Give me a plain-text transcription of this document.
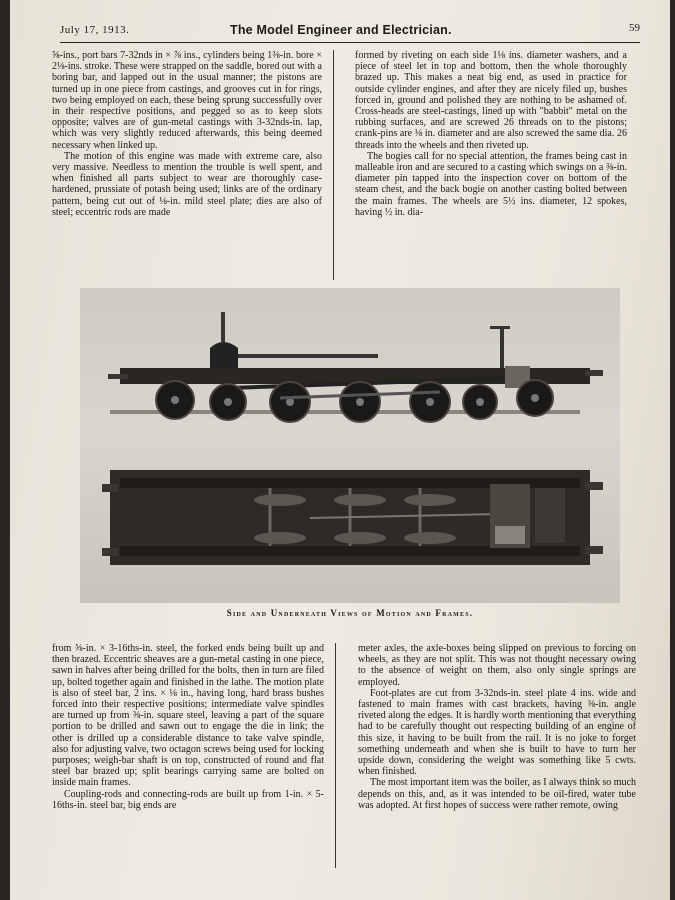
July 17, 1913.	The Model Engineer and Electrician.	59

⅝-ins., port bars 7-32nds in × ⅞ ins., cylinders being 1⅜-in. bore × 2⅛-ins. stroke. These were strapped on the saddle, bored out with a boring bar, and lapped out in the usual manner; the pistons are turned up in one piece from castings, and grooves cut in for rings, two being employed on each, these being sprung successfully over in their respective positions, and pegged so as to keep slots opposite; valves are of gun-metal castings with 3-32nds-in. lap, which was very slightly reduced afterwards, this being deemed necessary when linked up.

The motion of this engine was made with extreme care, also very massive. Needless to mention the trouble is well spent, and when finished all parts subject to wear are thoroughly case-hardened, prussiate of potash being used; links are of the ordinary pattern, being cut out of ⅛-in. mild steel plate; dies are also of steel; eccentric rods are made

formed by riveting on each side 1⅛ ins. diameter washers, and a piece of steel let in top and bottom, then the whole thoroughly brazed up. This makes a neat big end, as used in practice for outside cylinder engines, and after they are nicely filed up, bushes forced in, ground and polished they are nothing to be ashamed of. Cross-heads are steel-castings, lined up with "babbit" metal on the rubbing surfaces, and are screwed 26 threads on to the pistons; crank-pins are ⅛ in. diameter and are also screwed the same dia. 26 threads into the wheels and then riveted up.

The bogies call for no special attention, the frames being cast in malleable iron and are secured to a casting which swings on a ⅜-in. diameter pin tapped into the inspection cover on bottom of the steam chest, and the back bogie on another casting bolted between the main frames. The wheels are 5½ ins. diameter, 12 spokes, having ½ in. dia-

Side and Underneath Views of Motion and Frames.

from ⅝-in. × 3-16ths-in. steel, the forked ends being built up and then brazed. Eccentric sheaves are a gun-metal casting in one piece, sawn in halves after being drilled for the bolts, then in turn are filed up, bolted together again and finished in the lathe. The motion plate is also of steel bar, 2 ins. × ⅛ in., having long, hard brass bushes forced into their respective positions; intermediate valve spindles are turned up from ⅜-in. square steel, leaving a part of the square portion to be drilled and sawn out to engage the die in link; the other is drilled up a considerable distance to take valve spindle, also for adjusting valve, two octagon screws being used for locking purposes; weigh-bar shaft is on top, constructed of round and flat steel bar brazed up; split bearings carrying same are bolted on inside main frames.

Coupling-rods and connecting-rods are built up from 1-in. × 5-16ths-in. steel bar, big ends are

meter axles, the axle-boxes being slipped on previous to forcing on wheels, as they are not split. This was not thought necessary owing to the absence of weight on them, also only single springs are employed.

Foot-plates are cut from 3-32nds-in. steel plate 4 ins. wide and fastened to main frames with cast brackets, having ⅜-in. angle riveted along the edges. It is hardly worth mentioning that everything had to be carefully thought out respecting building of an engine of this size, it having to be built from the rail. It is no joke to forget something underneath and when she is built to have to turn her upside down, considering the weight was something like 5 cwts. when finished.

The most important item was the boiler, as I always think so much depends on this, and, as it was intended to be oil-fired, water tube was adopted. At first hopes of success were rather remote, owing
